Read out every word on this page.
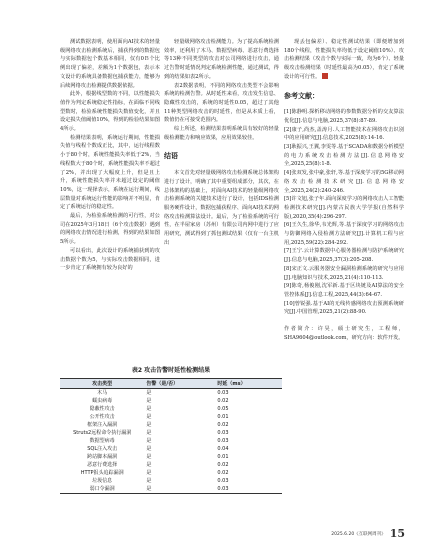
测试数据表明，使用面向AI技术的轻量级网络攻击检测系统后，捕获得到的数据包与实际数据包个数基本相同，仅有0Ｂ个比例出现了偏差，差额为1个数据包，表示本文设计的系统具备数据包捕获能力，能够为后续网络攻击检测提供数据依据。

此外，根据线型数的不同，以性能损失值作为判定系统稳定性指标，在面临不同线型数时，检验系统性能损失数值变化，并且设定损失值阈值10%，得到的检验结果如图4所示。

检测结果表明，系统运行期间，性能损失值与线程个数成正比，其中，运行线程数小于80个时，系统性能损失率低于2%，当线程数大于80个时，系统性能损失率不超过了2%，并出现了大幅度上升，但是且上升，系统性能损失率并未超过设定的阈值10%，这一现择表示，系统在运行期间，线层数量对系统运行性能的影响并不明显，肯定了系统运行的稳定性。

最后，为检验系统检测的可行性，对公司在2025年3月18日（6个攻击数据）遇到的网络攻击情况进行检测，得到的结果如图5所示。

可以看出，此次设计的系统捕获到的攻击数据个数为5，与实际攻击数据相同，进一步肯定了系统拥有较为良好的

轻量级网络攻击检测能力。为了提高系统检测效率，还利用了木马、数据型病毒、恶意行费选择等13种不同类型的攻击对公司网络进行攻击，通过告警时延情况判定系统检测性能，通过测试，得到的结果如表2所示。

表2数据表明，不同的网络攻击类型不会影响系统的检测告警。从时延性来看，攻击发生信息、隐藏性攻击的，系统的时延性0.05，超过了其他11种类型网络攻击的时延性，但是从本质上看，数值仍在可接受范围内。

综上所述，检测结果表明系统具有较好的轻量级检测能力和响应效果，应用效果较佳。

结语

本文首先对轻量级网络攻击检测系统总体架构进行了设计，明确了其中重要组成部分，其次，在总体架构的基础上，对面向AI技术的轻量级网络攻击检测系统的关键技术进行了设计，包括IDS检测服务硬件设计，数据包捕获程序、面向AI技术的网络攻击检测算法设计。最后，为了检验系统的可行性，在半屋家房（苏州）有限公司内网中进行了应用研究，测试得到了抓包测试结果（仅有一台主机出

现丢包偏差）、稳定性测试结果（即便增加到180个线程，性能损失率均低于设定阈值10%）、攻击检测结果（攻击个数与实际一致，均为6个）、轻量级攻击检测结果（时延性最高为0.05），肯定了系统设计的可行性。	2

参考文献：
[1]陈静明.探析移动网络的参数数据分析的交友算法优化[J].信息与电脑,2025,37(8):87-89.
[2]康子,尚杰,盖涛月.人工智能技术在网络攻击识别中的应用研究[J].信息技术,2025(8):14-16.
[3]耿振兴,王翼,李雯等.基于SCADA和数据分析模型的电力系统攻击检测方法[J].信息网络安全,2025,25(8):1-8.
[4]张双发,张中豪,张轩,等.基于深度学习的5G移动网络攻击检测技术研究[J].信息网络安全,2025,24(2):240-246.
[5]许文旭,张子年.面向深度学习的网络攻击人工智能检测技术研究[J].内蒙古民族大学学报(自然科学版),2020,35(4):296-297.
[6]王久生,徐华,韦光辉,等.基于深度学习的网络攻击与防御网络入侵检测方法研究[J].计算机工程与应用,2025,59(22):284-292.
[7]王宁.云计算数据中心服务器检测与防护系统研究[J].信息与电脑,2025,37(3):205-208.
[8]宋正文.云服务器安全漏洞检测系统的研究与应用[J].电脑知识与技术,2025,21(4):110-113.
[9]陈奇,杨俊刚,沈军新.基于区块链及AI算法的安全管控体系[J].信息工程,2025,44(3):64-67.
[10]曾锐强.基于AI的无线传感网络攻击预测系统研究[J].中国管理,2025,21(2):88-90.
作者简介：许昊，硕士研究生，工程师，SHA9604@outlook.com，研究方向：软件开发。
表2 攻击告警时延性检测结果
攻击类型	告警（是/否）	时延（ms）
木马	是	0.03
蠕虫病毒	是	0.02
隐蔽性攻击	是	0.05
公开性攻击	是	0.01
框架注入漏洞	是	0.02
Struts2远程命令执行漏洞	是	0.03
数据型病毒	是	0.03
SQL注入攻击	是	0.04
跨站脚本漏洞	是	0.01
恶意行费选择	是	0.02
HTTP报头追踪漏洞	是	0.02
垃圾信息	是	0.03
弱口令漏洞	是	0.03
2025.6.20《互联网周刊》 15
